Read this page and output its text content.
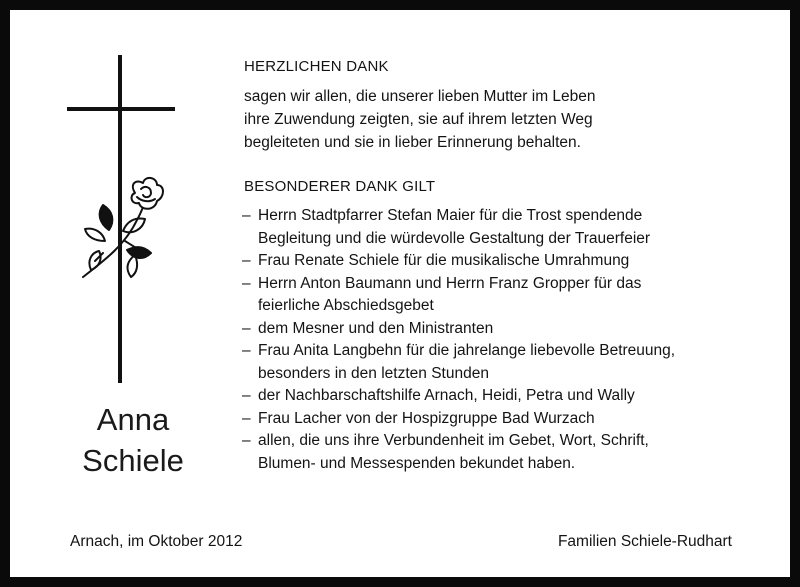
Anna
Schiele
HERZLICHEN DANK
sagen wir allen, die unserer lieben Mutter im Leben
ihre Zuwendung zeigten, sie auf ihrem letzten Weg
begleiteten und sie in lieber Erinnerung behalten.
BESONDERER DANK GILT
– Herrn Stadtpfarrer Stefan Maier für die Trost spendende
Begleitung und die würdevolle Gestaltung der Trauerfeier
– Frau Renate Schiele für die musikalische Umrahmung
– Herrn Anton Baumann und Herrn Franz Gropper für das
feierliche Abschiedsgebet
– dem Mesner und den Ministranten
– Frau Anita Langbehn für die jahrelange liebevolle Betreuung,
besonders in den letzten Stunden
– der Nachbarschaftshilfe Arnach, Heidi, Petra und Wally
– Frau Lacher von der Hospizgruppe Bad Wurzach
– allen, die uns ihre Verbundenheit im Gebet, Wort, Schrift,
Blumen- und Messespenden bekundet haben.
Arnach, im Oktober 2012	Familien Schiele-Rudhart
